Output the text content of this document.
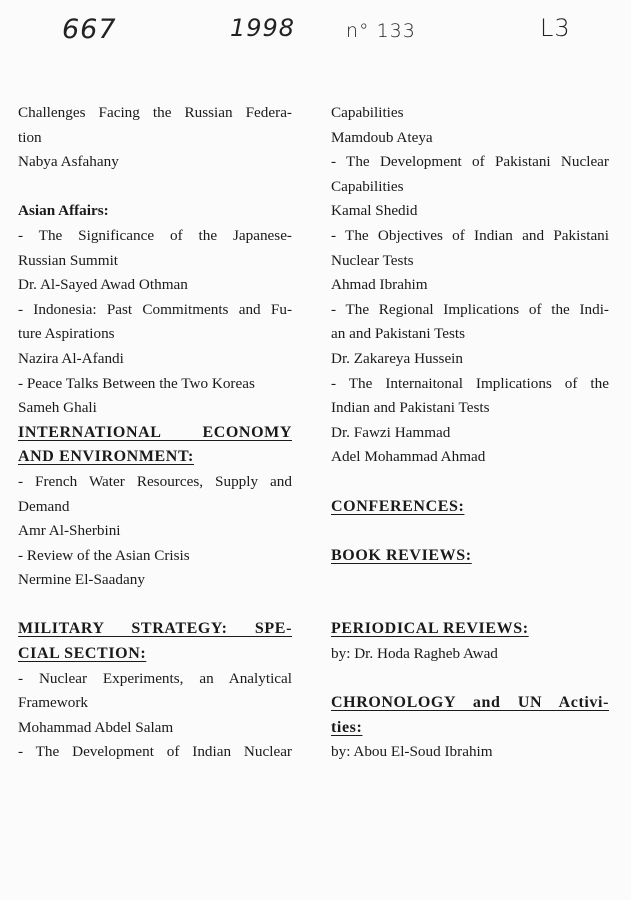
667	1998	n° 133	L3

Challenges Facing the Russian Federa-

tion

Nabya Asfahany

Asian Affairs:

- The Significance of the Japanese-

Russian Summit

Dr. Al-Sayed Awad Othman

- Indonesia: Past Commitments and Fu-

ture Aspirations

Nazira Al-Afandi

- Peace Talks Between the Two Koreas

Sameh Ghali

INTERNATIONAL ECONOMY

AND ENVIRONMENT:

- French Water Resources, Supply and

Demand

Amr Al-Sherbini

- Review of the Asian Crisis

Nermine El-Saadany

MILITARY STRATEGY: SPE-

CIAL SECTION:

- Nuclear Experiments, an Analytical

Framework

Mohammad Abdel Salam

- The Development of Indian Nuclear

Capabilities

Mamdoub Ateya

- The Development of Pakistani Nuclear

Capabilities

Kamal Shedid

- The Objectives of Indian and Pakistani

Nuclear Tests

Ahmad Ibrahim

- The Regional Implications of the Indi-

an and Pakistani Tests

Dr. Zakareya Hussein

- The Internaitonal Implications of the

Indian and Pakistani Tests

Dr. Fawzi Hammad

Adel Mohammad Ahmad

CONFERENCES:

BOOK REVIEWS:

PERIODICAL REVIEWS:

by: Dr. Hoda Ragheb Awad

CHRONOLOGY and UN Activi-

ties:

by: Abou El-Soud Ibrahim
